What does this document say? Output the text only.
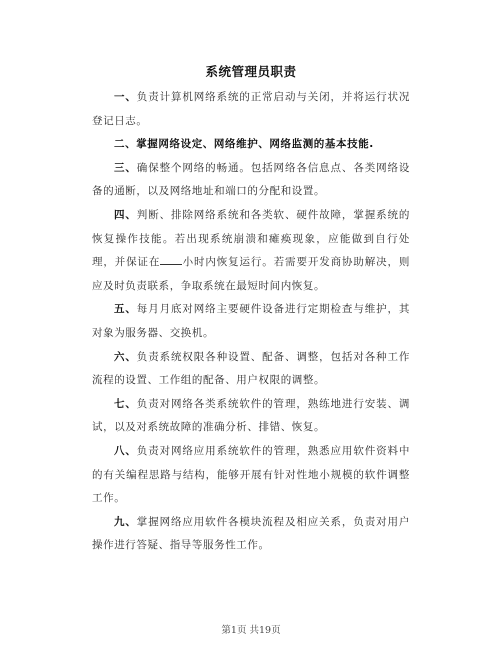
系统管理员职责

一、负责计算机网络系统的正常启动与关闭，并将运行状况登记日志。

二、掌握网络设定、网络维护、网络监测的基本技能.

三、确保整个网络的畅通。包括网络各信息点、各类网络设备的通断，以及网络地址和端口的分配和设置。

四、判断、排除网络系统和各类软、硬件故障，掌握系统的恢复操作技能。若出现系统崩溃和瘫痪现象，应能做到自行处理，并保证在 小时内恢复运行。若需要开发商协助解决，则应及时负责联系，争取系统在最短时间内恢复。

五、每月月底对网络主要硬件设备进行定期检查与维护，其对象为服务器、交换机。

六、负责系统权限各种设置、配备、调整，包括对各种工作流程的设置、工作组的配备、用户权限的调整。

七、负责对网络各类系统软件的管理，熟练地进行安装、调试，以及对系统故障的准确分析、排错、恢复。

八、负责对网络应用系统软件的管理，熟悉应用软件资料中的有关编程思路与结构，能够开展有针对性地小规模的软件调整工作。

九、掌握网络应用软件各模块流程及相应关系，负责对用户操作进行答疑、指导等服务性工作。

第1页 共19页
